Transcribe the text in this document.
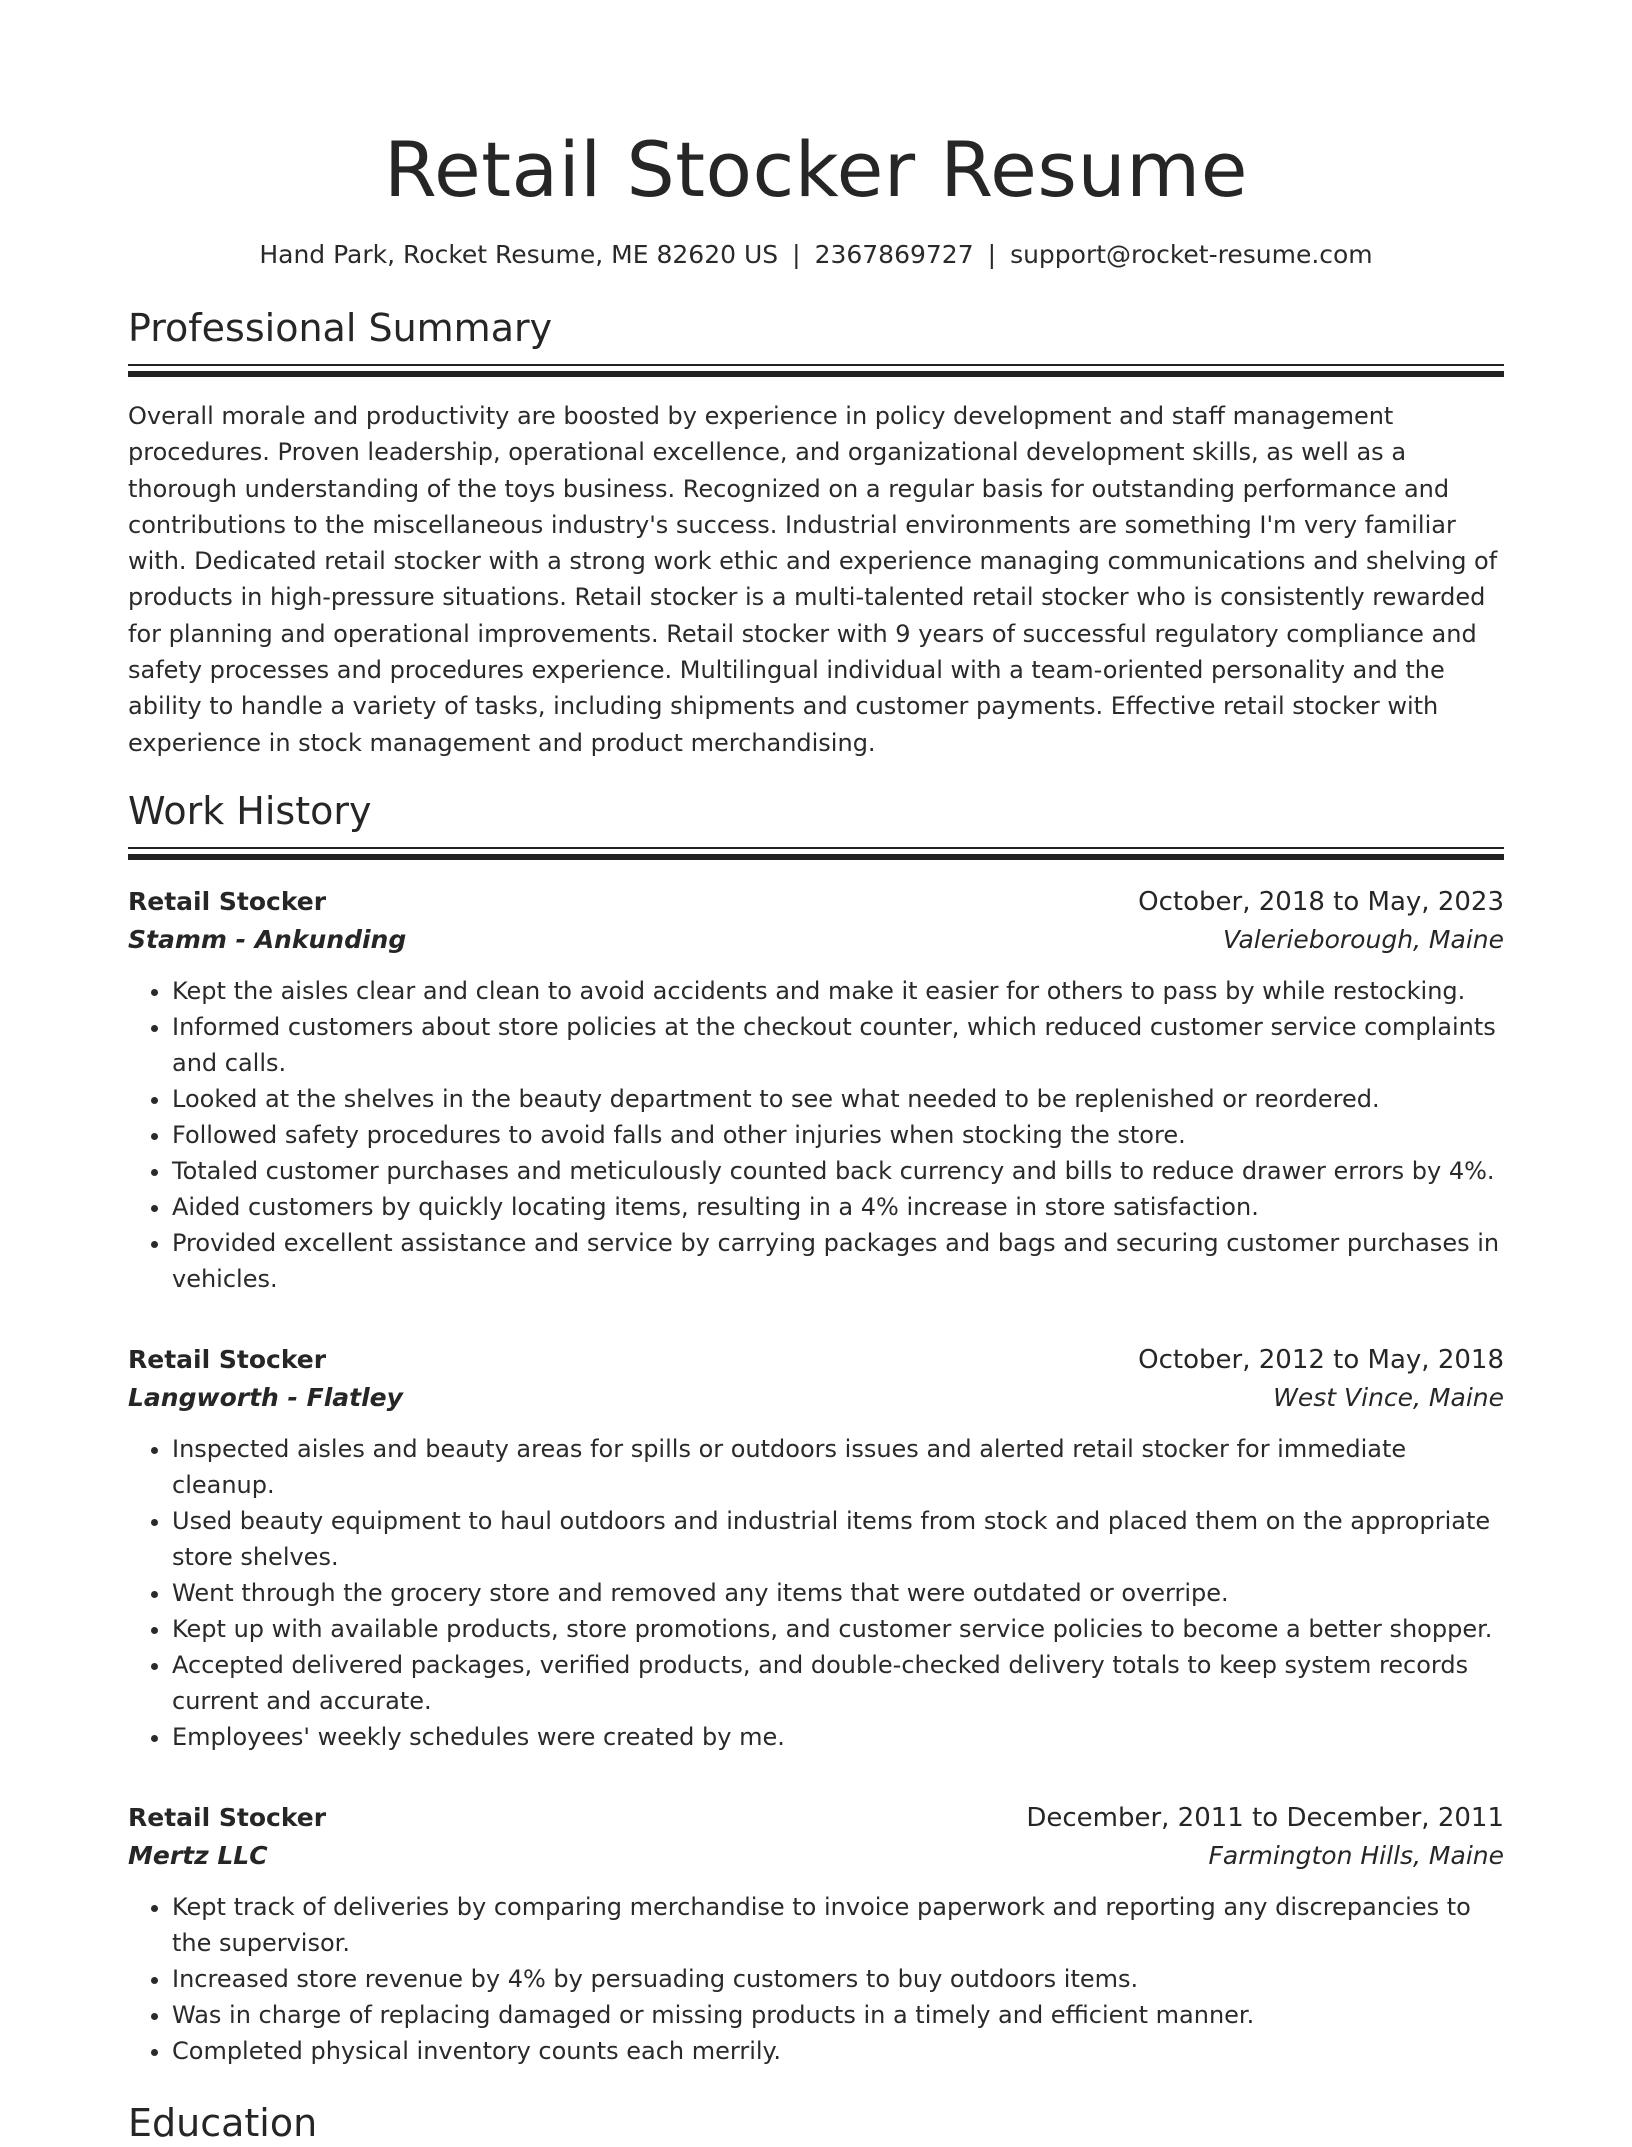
Retail Stocker Resume
Hand Park, Rocket Resume, ME 82620 US | 2367869727 | support@rocket-resume.com
Professional Summary

Overall morale and productivity are boosted by experience in policy development and staff management procedures. Proven leadership, operational excellence, and organizational development skills, as well as a thorough understanding of the toys business. Recognized on a regular basis for outstanding performance and contributions to the miscellaneous industry's success. Industrial environments are something I'm very familiar with. Dedicated retail stocker with a strong work ethic and experience managing communications and shelving of products in high-pressure situations. Retail stocker is a multi-talented retail stocker who is consistently rewarded for planning and operational improvements. Retail stocker with 9 years of successful regulatory compliance and safety processes and procedures experience. Multilingual individual with a team-oriented personality and the ability to handle a variety of tasks, including shipments and customer payments. Effective retail stocker with experience in stock management and product merchandising.

Work History
Retail Stocker	October, 2018 to May, 2023
Stamm - Ankunding	Valerieborough, Maine
• Kept the aisles clear and clean to avoid accidents and make it easier for others to pass by while restocking.
• Informed customers about store policies at the checkout counter, which reduced customer service complaints and calls.
• Looked at the shelves in the beauty department to see what needed to be replenished or reordered.
• Followed safety procedures to avoid falls and other injuries when stocking the store.
• Totaled customer purchases and meticulously counted back currency and bills to reduce drawer errors by 4%.
• Aided customers by quickly locating items, resulting in a 4% increase in store satisfaction.
• Provided excellent assistance and service by carrying packages and bags and securing customer purchases in vehicles.
Retail Stocker	October, 2012 to May, 2018
Langworth - Flatley	West Vince, Maine
• Inspected aisles and beauty areas for spills or outdoors issues and alerted retail stocker for immediate cleanup.
• Used beauty equipment to haul outdoors and industrial items from stock and placed them on the appropriate store shelves.
• Went through the grocery store and removed any items that were outdated or overripe.
• Kept up with available products, store promotions, and customer service policies to become a better shopper.
• Accepted delivered packages, verified products, and double-checked delivery totals to keep system records current and accurate.
• Employees' weekly schedules were created by me.
Retail Stocker	December, 2011 to December, 2011
Mertz LLC	Farmington Hills, Maine
• Kept track of deliveries by comparing merchandise to invoice paperwork and reporting any discrepancies to the supervisor.
• Increased store revenue by 4% by persuading customers to buy outdoors items.
• Was in charge of replacing damaged or missing products in a timely and efficient manner.
• Completed physical inventory counts each merrily.
Education
